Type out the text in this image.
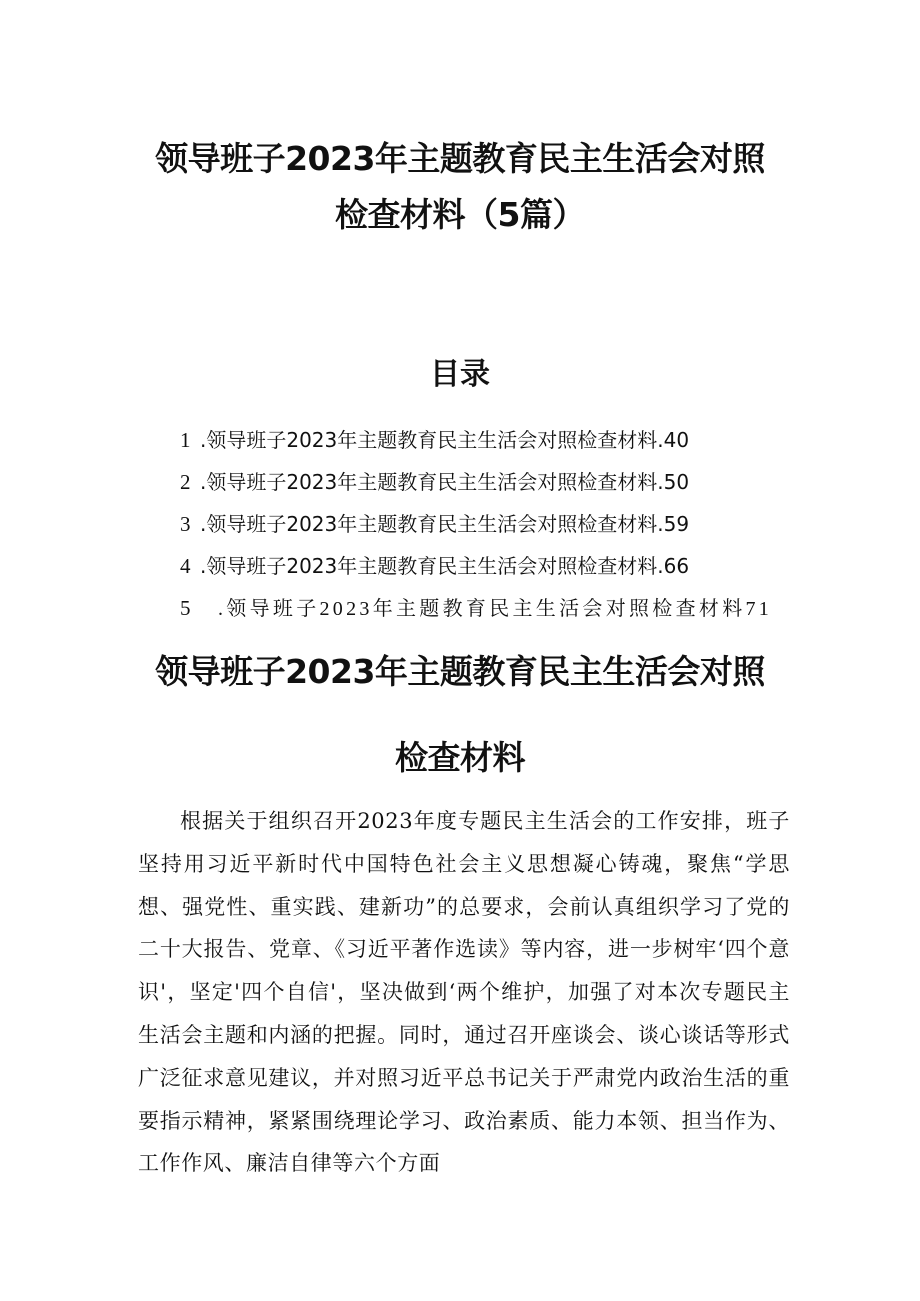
领导班子2023年主题教育民主生活会对照
检查材料（5篇）
目录
1 .领导班子2023年主题教育民主生活会对照检查材料.40
2 .领导班子2023年主题教育民主生活会对照检查材料.50
3 .领导班子2023年主题教育民主生活会对照检查材料.59
4 .领导班子2023年主题教育民主生活会对照检查材料.66
5 .领导班子2023年主题教育民主生活会对照检查材料71
领导班子2023年主题教育民主生活会对照
检查材料

根据关于组织召开2023年度专题民主生活会的工作安排，班子坚持用习近平新时代中国特色社会主义思想凝心铸魂，聚焦“学思想、强党性、重实践、建新功”的总要求，会前认真组织学习了党的二十大报告、党章、《习近平著作选读》等内容，进一步树牢‘四个意识'，坚定'四个自信'，坚决做到‘两个维护，加强了对本次专题民主生活会主题和内涵的把握。同时，通过召开座谈会、谈心谈话等形式广泛征求意见建议，并对照习近平总书记关于严肃党内政治生活的重要指示精神，紧紧围绕理论学习、政治素质、能力本领、担当作为、工作作风、廉洁自律等六个方面
